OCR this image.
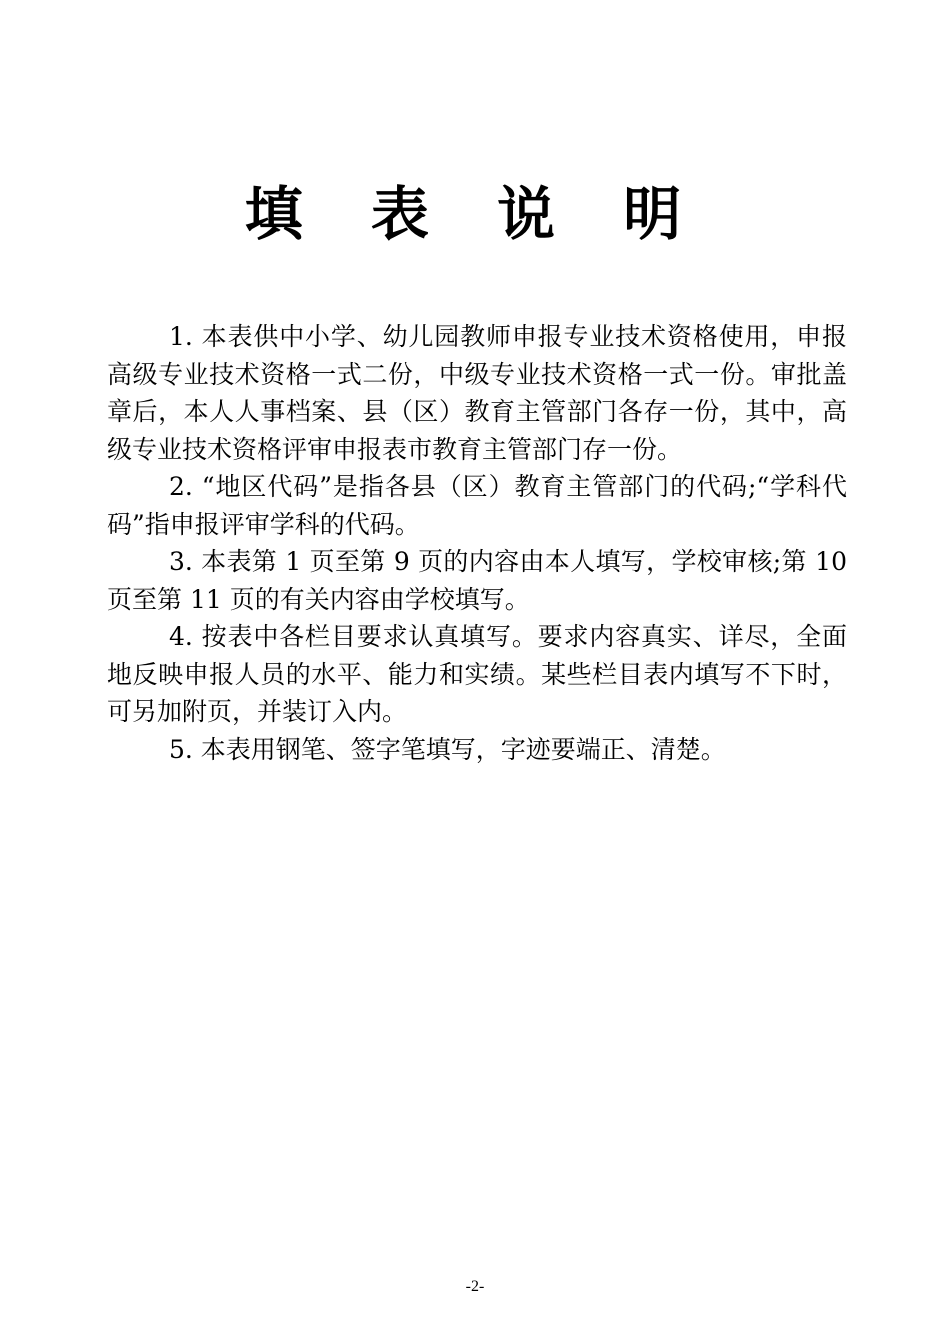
填 表 说 明

1. 本表供中小学、幼儿园教师申报专业技术资格使用，申报高级专业技术资格一式二份，中级专业技术资格一式一份。审批盖章后，本人人事档案、县（区）教育主管部门各存一份，其中，高级专业技术资格评审申报表市教育主管部门存一份。

2. “地区代码”是指各县（区）教育主管部门的代码;“学科代码”指申报评审学科的代码。

3. 本表第 1 页至第 9 页的内容由本人填写，学校审核;第 10 页至第 11 页的有关内容由学校填写。

4. 按表中各栏目要求认真填写。要求内容真实、详尽，全面地反映申报人员的水平、能力和实绩。某些栏目表内填写不下时，可另加附页，并装订入内。

5. 本表用钢笔、签字笔填写，字迹要端正、清楚。

-2-
